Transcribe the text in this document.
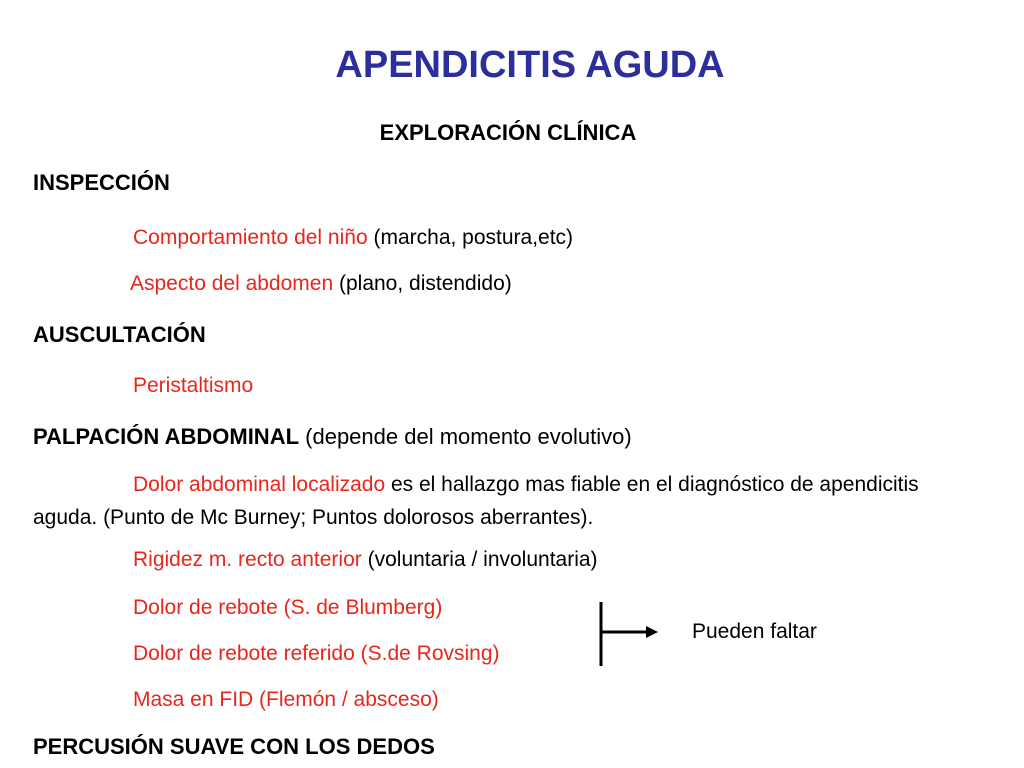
APENDICITIS AGUDA
EXPLORACIÓN CLÍNICA
INSPECCIÓN
Comportamiento del niño (marcha, postura,etc)
Aspecto del abdomen (plano, distendido)
AUSCULTACIÓN
Peristaltismo
PALPACIÓN ABDOMINAL (depende del momento evolutivo)
Dolor abdominal localizado es el hallazgo mas fiable en el diagnóstico de apendicitis aguda. (Punto de Mc Burney; Puntos dolorosos aberrantes).
Rigidez m. recto anterior (voluntaria / involuntaria)
Dolor de rebote (S. de Blumberg)
Dolor de rebote referido (S.de Rovsing)
Masa en FID (Flemón / absceso)
Pueden faltar
PERCUSIÓN SUAVE CON LOS DEDOS
